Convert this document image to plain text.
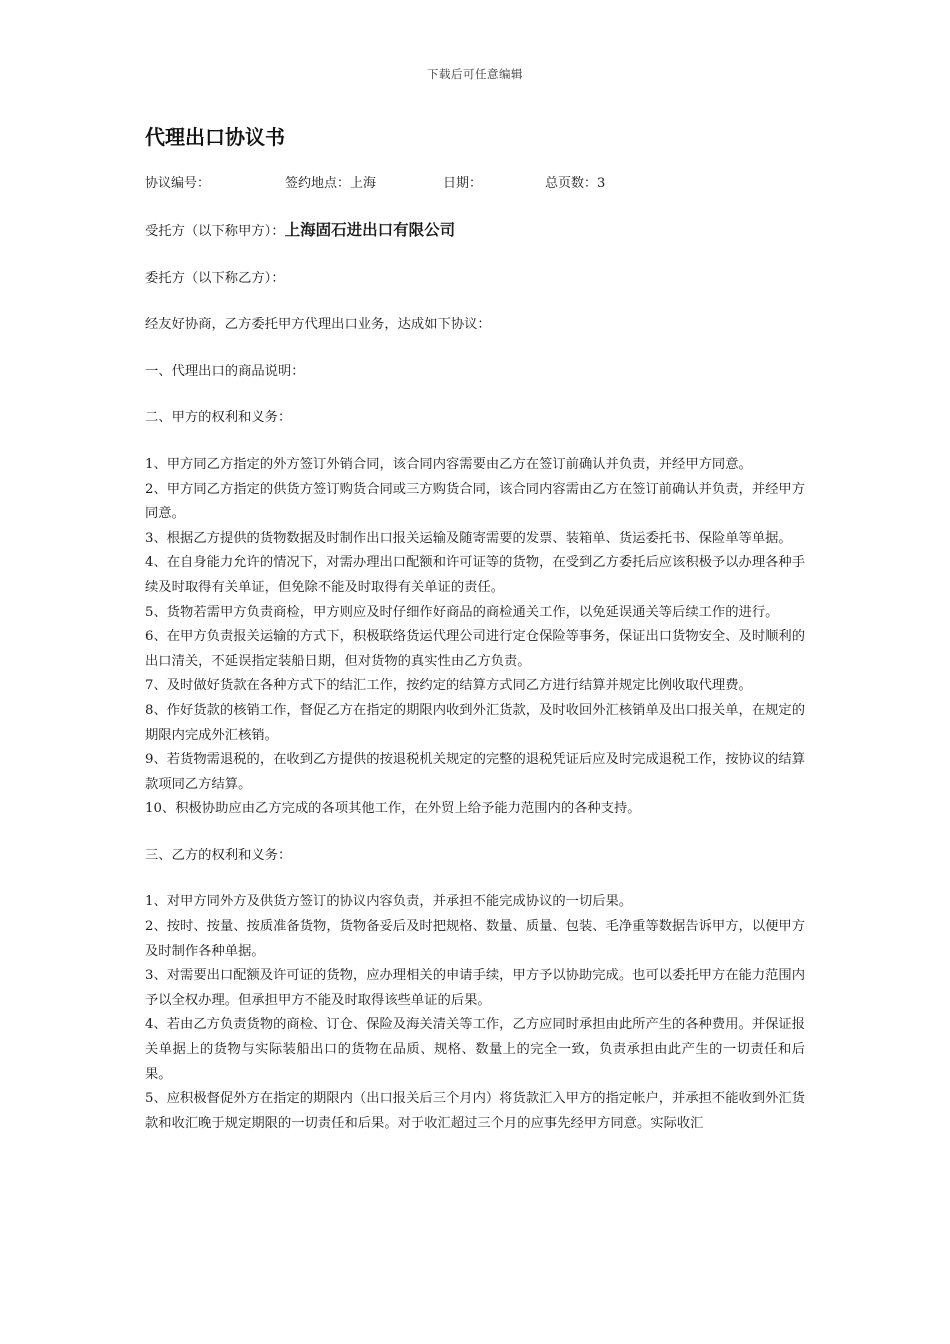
下载后可任意编辑
代理出口协议书
协议编号：	签约地点：上海	日期：	总页数：3

受托方（以下称甲方）：上海固石进出口有限公司

委托方（以下称乙方）：

经友好协商，乙方委托甲方代理出口业务，达成如下协议：

一、代理出口的商品说明：

二、甲方的权利和义务：

1、甲方同乙方指定的外方签订外销合同，该合同内容需要由乙方在签订前确认并负责，并经甲方同意。

2、甲方同乙方指定的供货方签订购货合同或三方购货合同，该合同内容需由乙方在签订前确认并负责，并经甲方同意。

3、根据乙方提供的货物数据及时制作出口报关运输及随寄需要的发票、装箱单、货运委托书、保险单等单据。

4、在自身能力允许的情况下，对需办理出口配额和许可证等的货物，在受到乙方委托后应该积极予以办理各种手续及时取得有关单证，但免除不能及时取得有关单证的责任。

5、货物若需甲方负责商检，甲方则应及时仔细作好商品的商检通关工作，以免延误通关等后续工作的进行。

6、在甲方负责报关运输的方式下，积极联络货运代理公司进行定仓保险等事务，保证出口货物安全、及时顺利的出口清关，不延误指定装船日期，但对货物的真实性由乙方负责。

7、及时做好货款在各种方式下的结汇工作，按约定的结算方式同乙方进行结算并规定比例收取代理费。

8、作好货款的核销工作，督促乙方在指定的期限内收到外汇货款，及时收回外汇核销单及出口报关单，在规定的期限内完成外汇核销。

9、若货物需退税的，在收到乙方提供的按退税机关规定的完整的退税凭证后应及时完成退税工作，按协议的结算款项同乙方结算。

10、积极协助应由乙方完成的各项其他工作，在外贸上给予能力范围内的各种支持。

三、乙方的权利和义务：

1、对甲方同外方及供货方签订的协议内容负责，并承担不能完成协议的一切后果。

2、按时、按量、按质准备货物，货物备妥后及时把规格、数量、质量、包装、毛净重等数据告诉甲方，以便甲方及时制作各种单据。

3、对需要出口配额及许可证的货物，应办理相关的申请手续，甲方予以协助完成。也可以委托甲方在能力范围内予以全权办理。但承担甲方不能及时取得该些单证的后果。

4、若由乙方负责货物的商检、订仓、保险及海关清关等工作，乙方应同时承担由此所产生的各种费用。并保证报关单据上的货物与实际装船出口的货物在品质、规格、数量上的完全一致，负责承担由此产生的一切责任和后果。

5、应积极督促外方在指定的期限内（出口报关后三个月内）将货款汇入甲方的指定帐户，并承担不能收到外汇货款和收汇晚于规定期限的一切责任和后果。对于收汇超过三个月的应事先经甲方同意。实际收汇
